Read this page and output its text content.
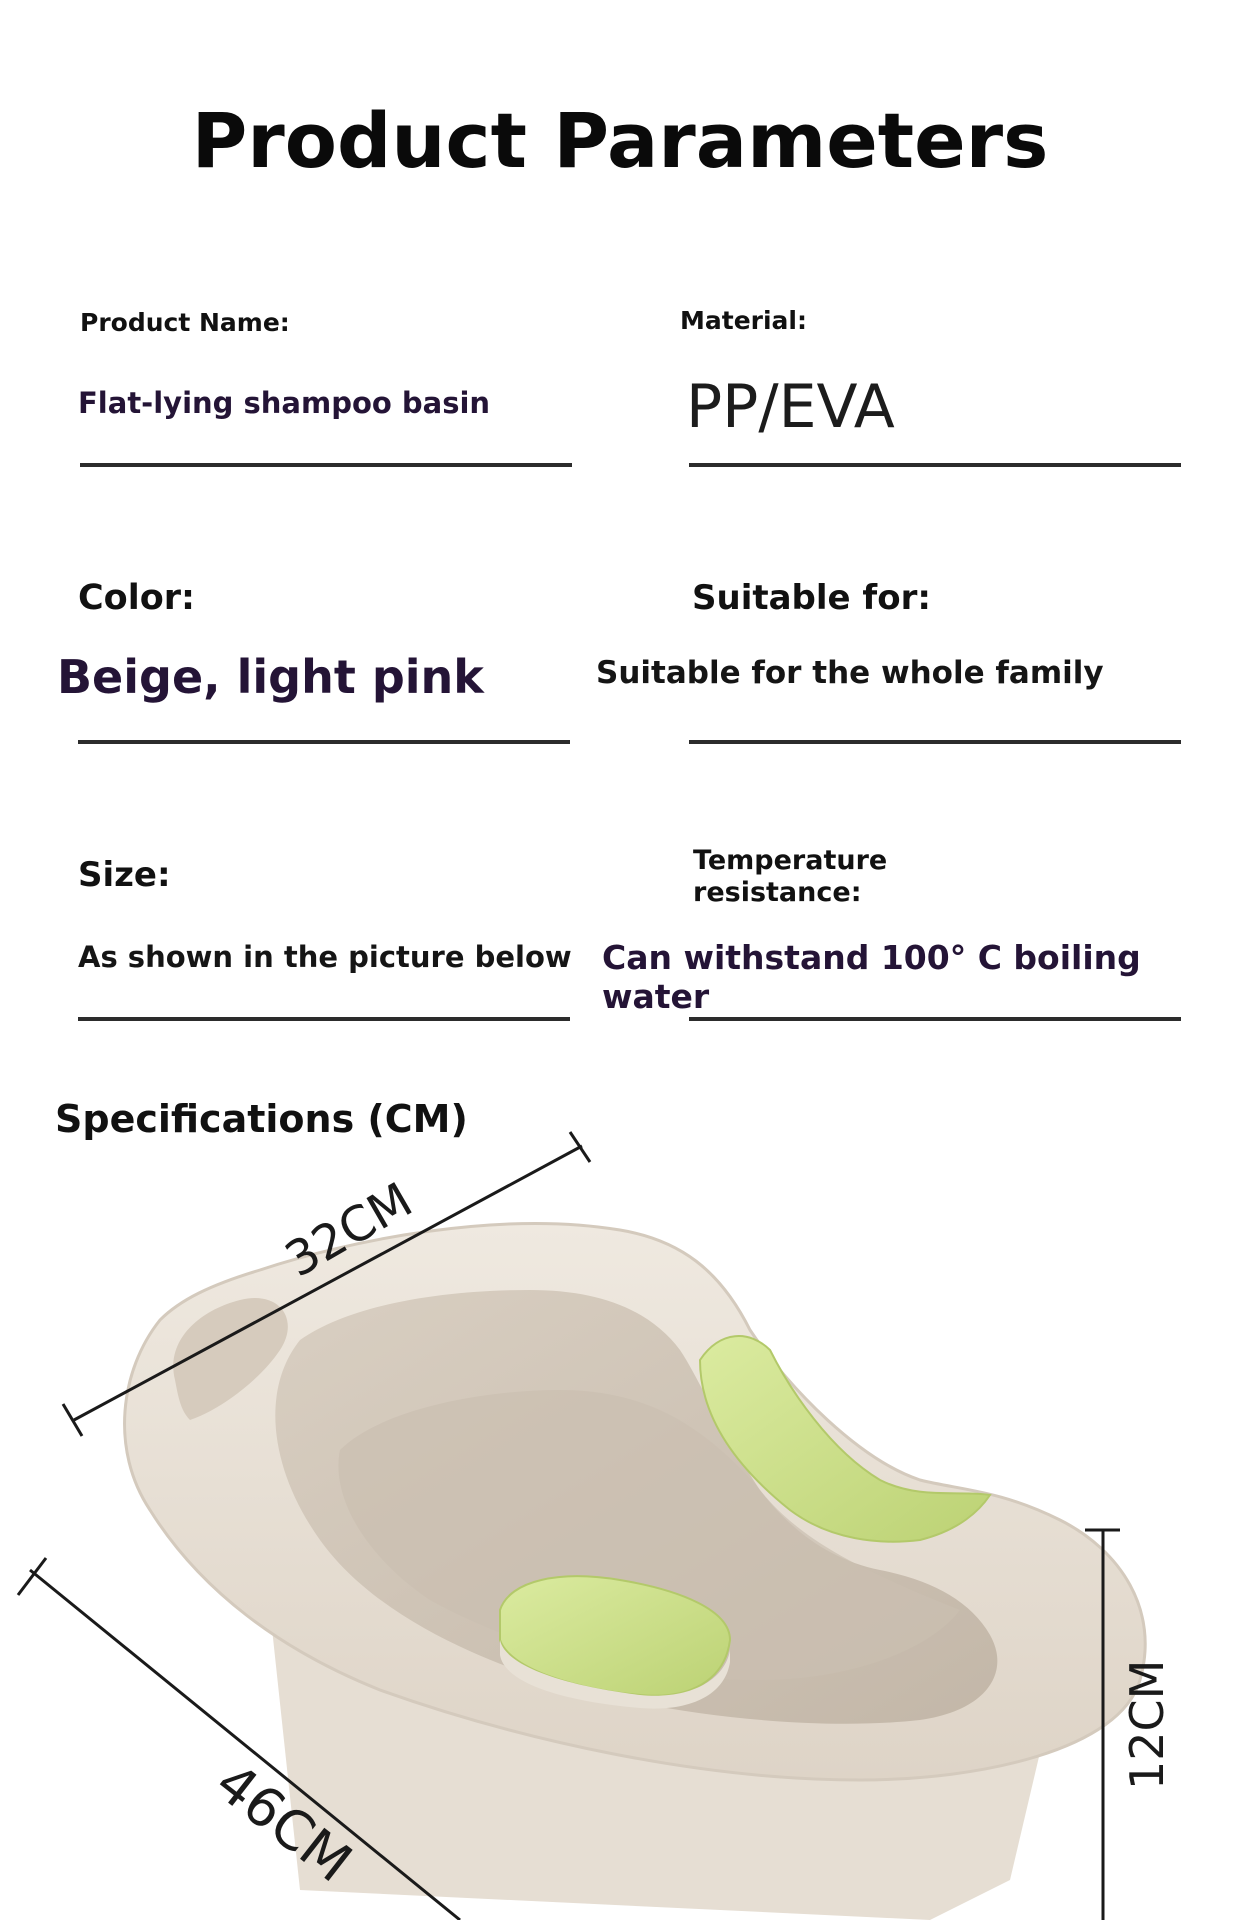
Product Parameters
Product Name:
Flat-lying shampoo basin
Material:
PP/EVA
Color:
Beige, light pink
Suitable for:
Suitable for the whole family
Size:
As shown in the picture below
Temperature
resistance:
Can withstand 100° C boiling water
Specifications (CM)
32CM
46CM
12CM
